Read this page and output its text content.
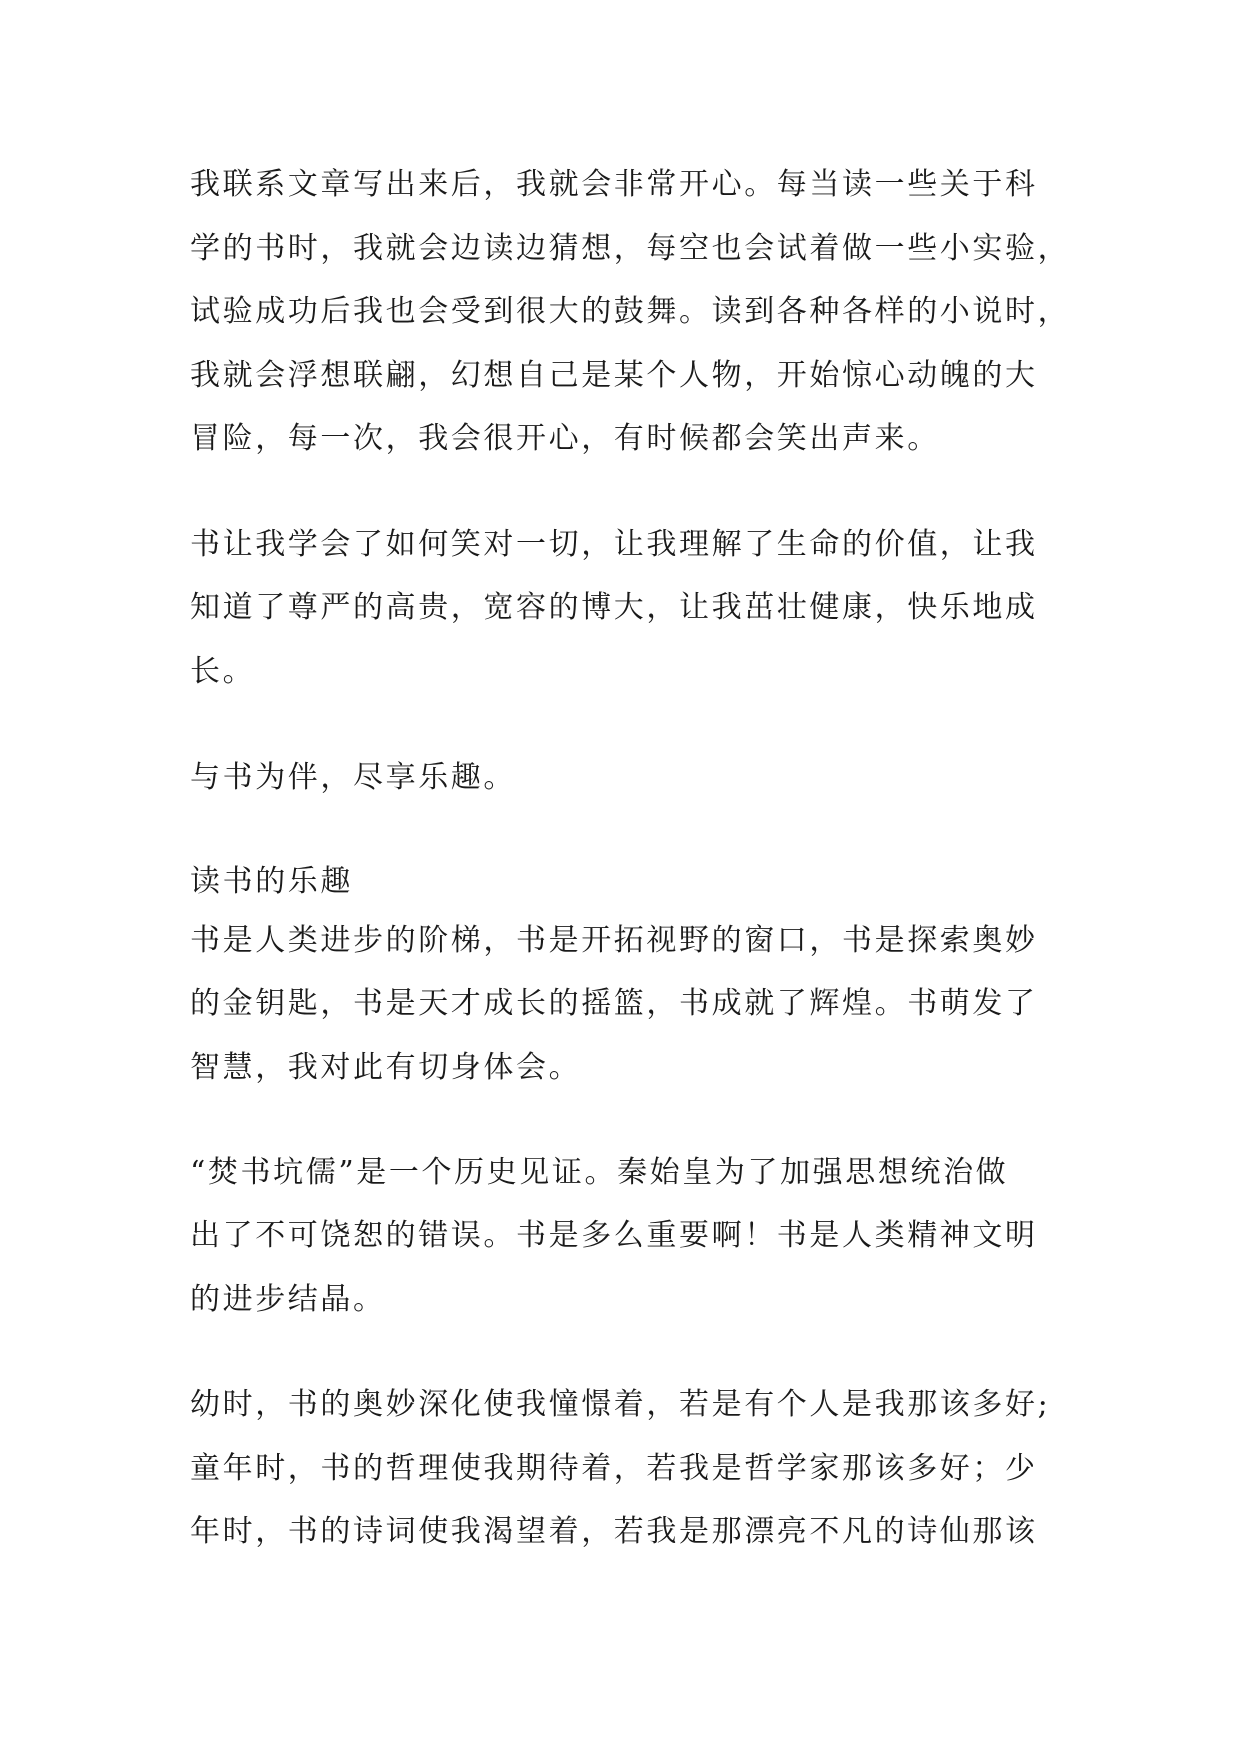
我联系文章写出来后，我就会非常开心。每当读一些关于科
学的书时，我就会边读边猜想，每空也会试着做一些小实验，
试验成功后我也会受到很大的鼓舞。读到各种各样的小说时，
我就会浮想联翩，幻想自己是某个人物，开始惊心动魄的大
冒险，每一次，我会很开心，有时候都会笑出声来。
书让我学会了如何笑对一切，让我理解了生命的价值，让我
知道了尊严的高贵，宽容的博大，让我茁壮健康，快乐地成
长。
与书为伴，尽享乐趣。
读书的乐趣
书是人类进步的阶梯，书是开拓视野的窗口，书是探索奥妙
的金钥匙，书是天才成长的摇篮，书成就了辉煌。书萌发了
智慧，我对此有切身体会。
“焚书坑儒”是一个历史见证。秦始皇为了加强思想统治做
出了不可饶恕的错误。书是多么重要啊！书是人类精神文明
的进步结晶。
幼时，书的奥妙深化使我憧憬着，若是有个人是我那该多好;
童年时，书的哲理使我期待着，若我是哲学家那该多好；少
年时，书的诗词使我渴望着，若我是那漂亮不凡的诗仙那该
